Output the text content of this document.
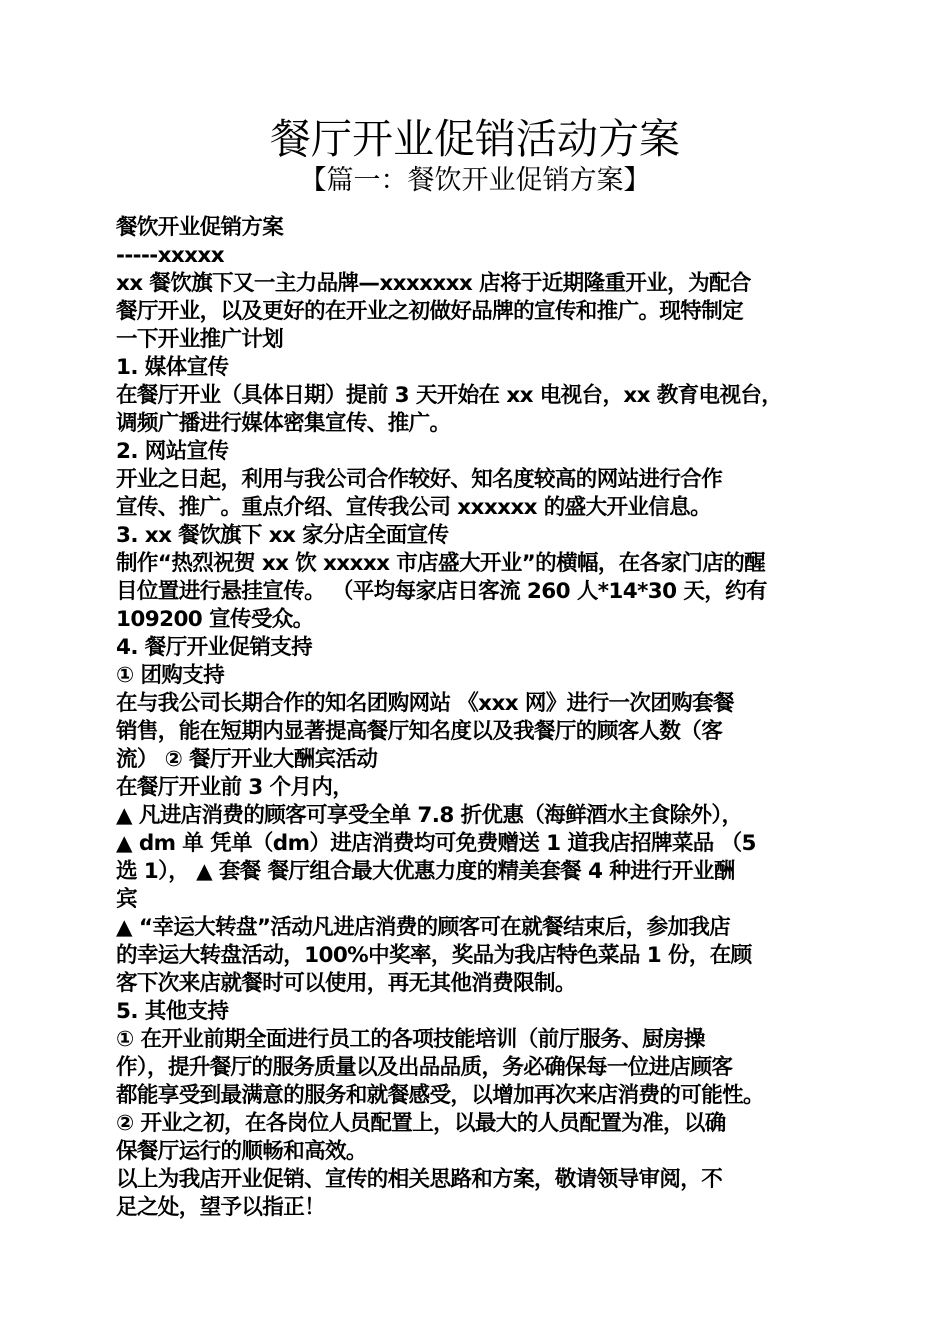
餐厅开业促销活动方案
【篇一：餐饮开业促销方案】
餐饮开业促销方案
-----xxxxx
xx 餐饮旗下又一主力品牌—xxxxxxx 店将于近期隆重开业，为配合
餐厅开业，以及更好的在开业之初做好品牌的宣传和推广。现特制定
一下开业推广计划
1. 媒体宣传
在餐厅开业（具体日期）提前 3 天开始在 xx 电视台，xx 教育电视台，
调频广播进行媒体密集宣传、推广。
2. 网站宣传
开业之日起，利用与我公司合作较好、知名度较高的网站进行合作
宣传、推广。重点介绍、宣传我公司 xxxxxx 的盛大开业信息。
3. xx 餐饮旗下 xx 家分店全面宣传
制作“热烈祝贺 xx 饮 xxxxx 市店盛大开业”的横幅，在各家门店的醒
目位置进行悬挂宣传。 （平均每家店日客流 260 人*14*30 天，约有
109200 宣传受众。
4. 餐厅开业促销支持
① 团购支持
在与我公司长期合作的知名团购网站 《xxx 网》进行一次团购套餐
销售，能在短期内显著提高餐厅知名度以及我餐厅的顾客人数（客
流） ② 餐厅开业大酬宾活动
在餐厅开业前 3 个月内，
▲ 凡进店消费的顾客可享受全单 7.8 折优惠（海鲜酒水主食除外），
▲ dm 单 凭单（dm）进店消费均可免费赠送 1 道我店招牌菜品 （5
选 1）， ▲ 套餐 餐厅组合最大优惠力度的精美套餐 4 种进行开业酬
宾
▲ “幸运大转盘”活动凡进店消费的顾客可在就餐结束后，参加我店
的幸运大转盘活动，100%中奖率，奖品为我店特色菜品 1 份，在顾
客下次来店就餐时可以使用，再无其他消费限制。
5. 其他支持
① 在开业前期全面进行员工的各项技能培训（前厅服务、厨房操
作），提升餐厅的服务质量以及出品品质，务必确保每一位进店顾客
都能享受到最满意的服务和就餐感受，以增加再次来店消费的可能性。
② 开业之初，在各岗位人员配置上，以最大的人员配置为准，以确
保餐厅运行的顺畅和高效。
以上为我店开业促销、宣传的相关思路和方案，敬请领导审阅，不
足之处，望予以指正！
